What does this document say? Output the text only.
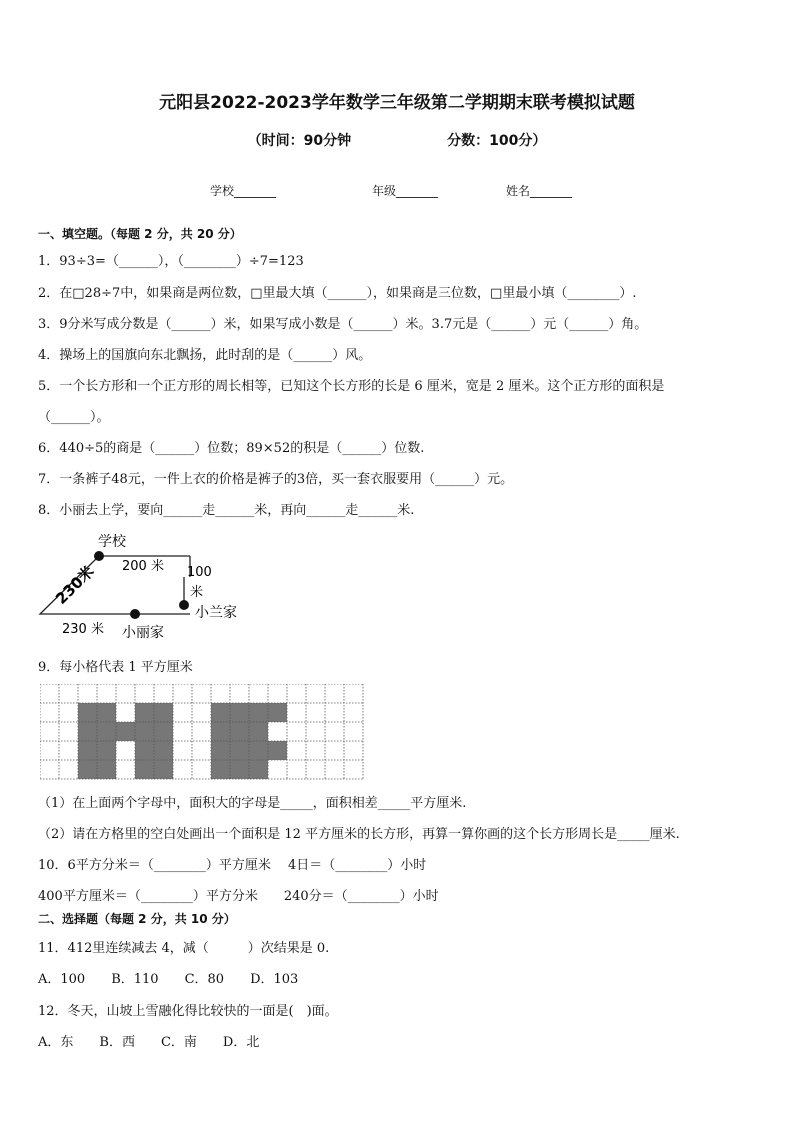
元阳县2022-2023学年数学三年级第二学期期末联考模拟试题
（时间：90分钟	分数：100分）
学校_______	年级_______	姓名_______
一、填空题。（每题 2 分，共 20 分）
1．93÷3=（______），（________）÷7=123
2．在□28÷7中，如果商是两位数，□里最大填（______），如果商是三位数，□里最小填（________）.
3．9分米写成分数是（______）米，如果写成小数是（______）米。3.7元是（______）元（______）角。
4．操场上的国旗向东北飘扬，此时刮的是（______）风。
5．一个长方形和一个正方形的周长相等，已知这个长方形的长是 6 厘米，宽是 2 厘米。这个正方形的面积是
（______）。
6．440÷5的商是（______）位数；89×52的积是（______）位数.
7．一条裤子48元，一件上衣的价格是裤子的3倍，买一套衣服要用（______）元。
8．小丽去上学，要向______走______米，再向______走______米.
学校
200 米 100
米
230米
230 米
小兰家
小丽家
9．每小格代表 1 平方厘米
（1）在上面两个字母中，面积大的字母是_____，面积相差_____平方厘米.
（2）请在方格里的空白处画出一个面积是 12 平方厘米的长方形，再算一算你画的这个长方形周长是_____厘米.
10．6平方分米＝（________）平方厘米　 4日＝（________）小时
400平方厘米＝（________）平方分米　　240分＝（________）小时
二、选择题（每题 2 分，共 10 分）
11．412里连续减去 4，减（　　　）次结果是 0.
A．100 B．110 C．80 D．103
12．冬天，山坡上雪融化得比较快的一面是(　)面。
A．东 B．西 C．南 D．北
